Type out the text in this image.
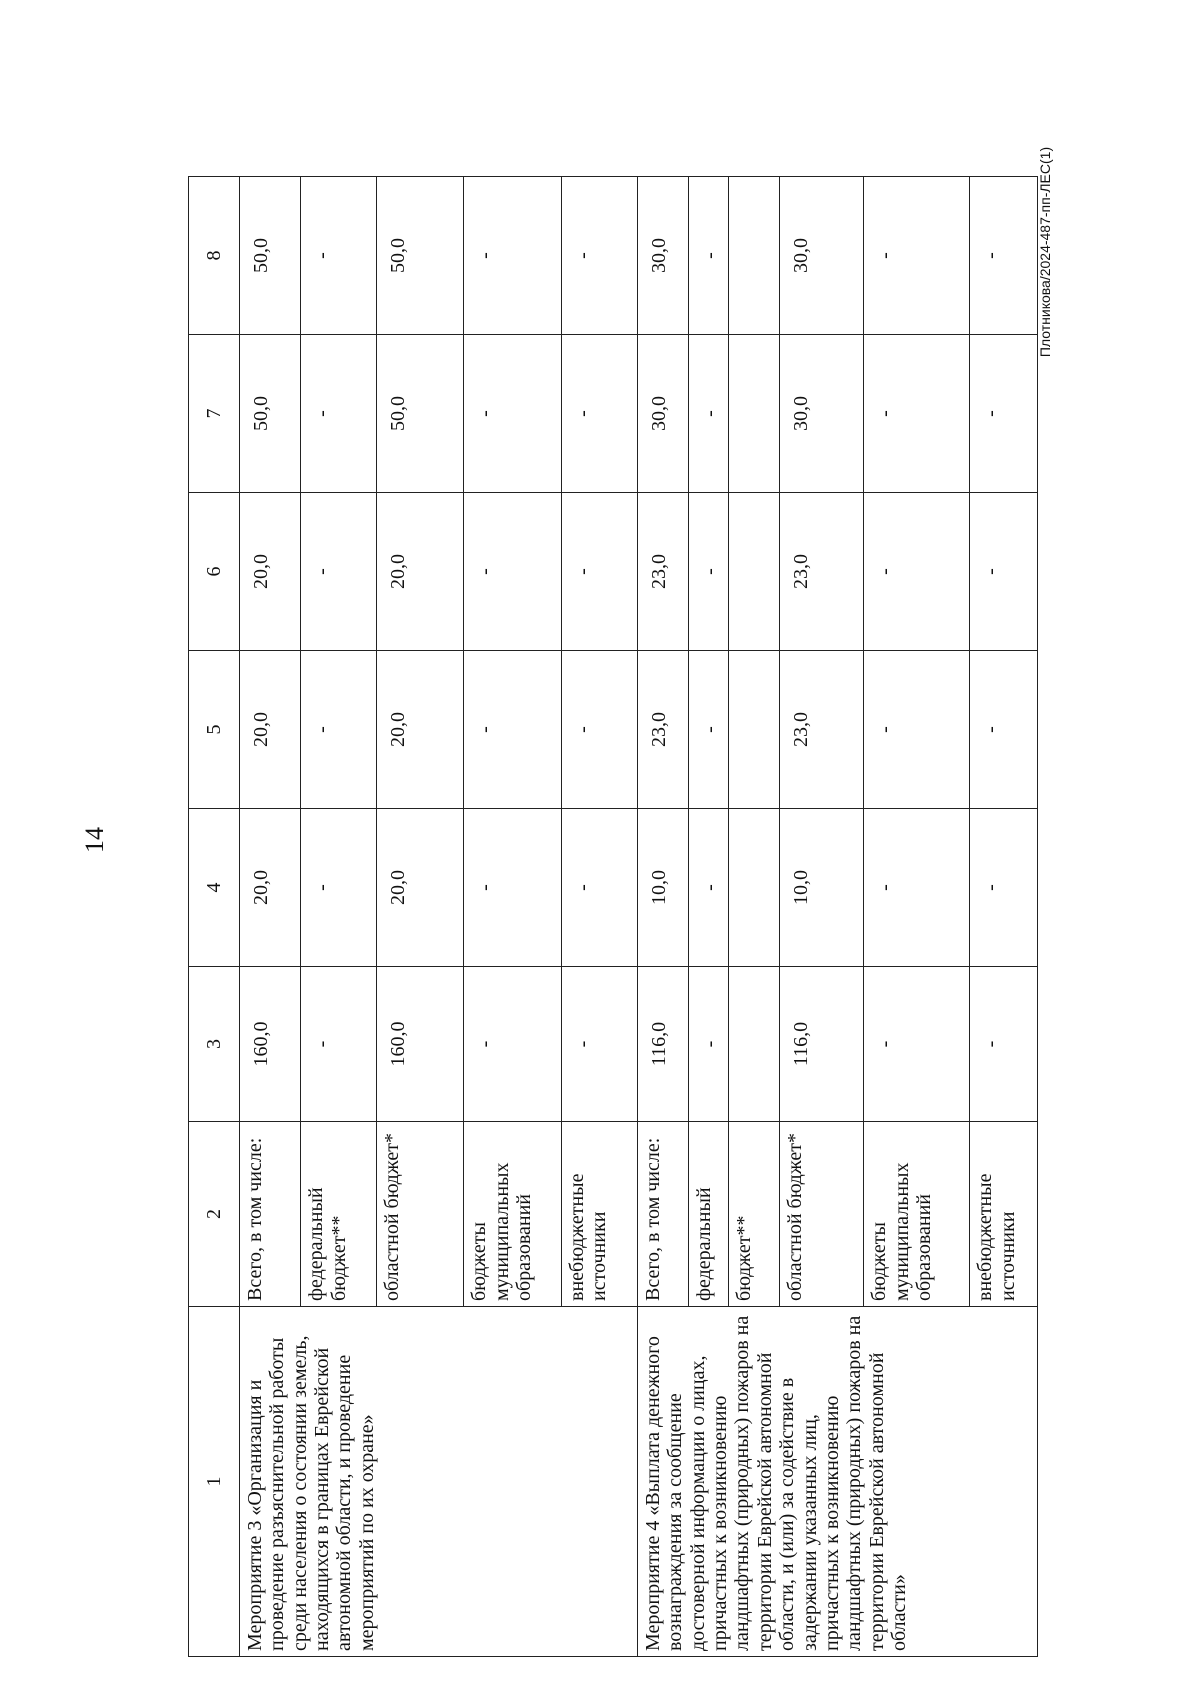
14
Плотникова/2024-487-пп-ЛЕС(1)
1	2	3	4	5	6	7	8
Мероприятие 3 «Организация и проведение разъяснительной работы среди населения о состоянии земель, находящихся в границах Еврейской автономной области, и проведение мероприятий по их охране»	Всего, в том числе:	160,0	20,0	20,0	20,0	50,0	50,0
	федеральный бюджет**	-	-	-	-	-	-
	областной бюджет*	160,0	20,0	20,0	20,0	50,0	50,0
	бюджеты муниципальных образований	-	-	-	-	-	-
	внебюджетные источники	-	-	-	-	-	-
Мероприятие 4 «Выплата денежного вознаграждения за сообщение достоверной информации о лицах, причастных к возникновению ландшафтных (природных) пожаров на территории Еврейской автономной области, и (или) за содействие в задержании указанных лиц, причастных к возникновению ландшафтных (природных) пожаров на территории Еврейской автономной области»	Всего, в том числе:	116,0	10,0	23,0	23,0	30,0	30,0
	федеральный	-	-	-	-	-	-
	бюджет**						
	областной бюджет*	116,0	10,0	23,0	23,0	30,0	30,0
	бюджеты муниципальных образований	-	-	-	-	-	-
	внебюджетные источники	-	-	-	-	-	-
